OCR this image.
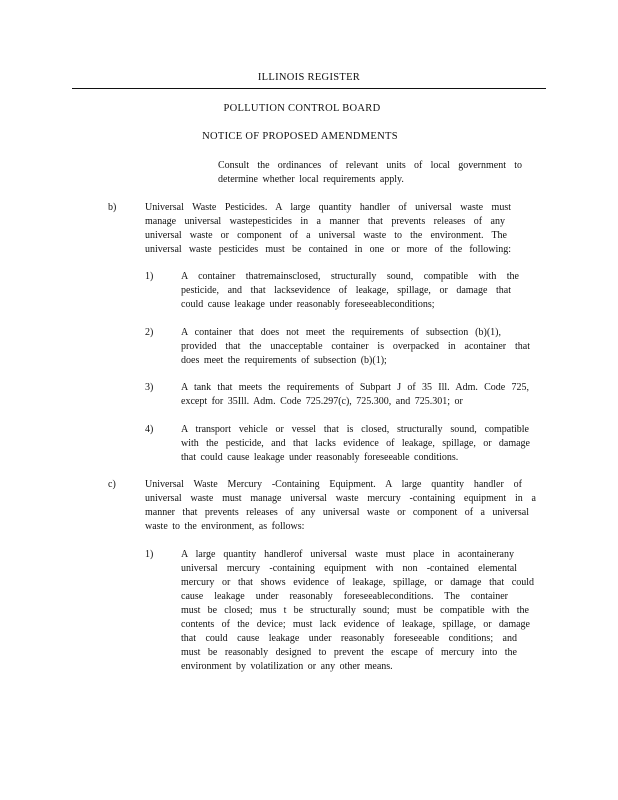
ILLINOIS REGISTER
POLLUTION CONTROL BOARD
NOTICE OF PROPOSED AMENDMENTS
Consult the ordinances of relevant units of local government to
determine whether local requirements apply.
b)	Universal Waste Pesticides. A large quantity handler of universal waste must
manage universal wastepesticides in a manner that prevents releases of any
universal waste or component of a universal waste to the environment. The
universal waste pesticides must be contained in one or more of the following:
1)	A container thatremainsclosed, structurally sound, compatible with the
pesticide, and that lacksevidence of leakage, spillage, or damage that
could cause leakage under reasonably foreseeableconditions;
2)	A container that does not meet the requirements of subsection (b)(1),
provided that the unacceptable container is overpacked in acontainer that
does meet the requirements of subsection (b)(1);
3)	A tank that meets the requirements of Subpart J of 35 Ill. Adm. Code 725,
except for 35Ill. Adm. Code 725.297(c), 725.300, and 725.301; or
4)	A transport vehicle or vessel that is closed, structurally sound, compatible
with the pesticide, and that lacks evidence of leakage, spillage, or damage
that could cause leakage under reasonably foreseeable conditions.
c)	Universal Waste Mercury -Containing Equipment. A large quantity handler of
universal waste must manage universal waste mercury -containing equipment in a
manner that prevents releases of any universal waste or component of a universal
waste to the environment, as follows:
1)	A large quantity handlerof universal waste must place in acontainerany
universal mercury -containing equipment with non -contained elemental
mercury or that shows evidence of leakage, spillage, or damage that could
cause leakage under reasonably foreseeableconditions. The container
must be closed; mus t be structurally sound; must be compatible with the
contents of the device; must lack evidence of leakage, spillage, or damage
that could cause leakage under reasonably foreseeable conditions; and
must be reasonably designed to prevent the escape of mercury into the
environment by volatilization or any other means.
